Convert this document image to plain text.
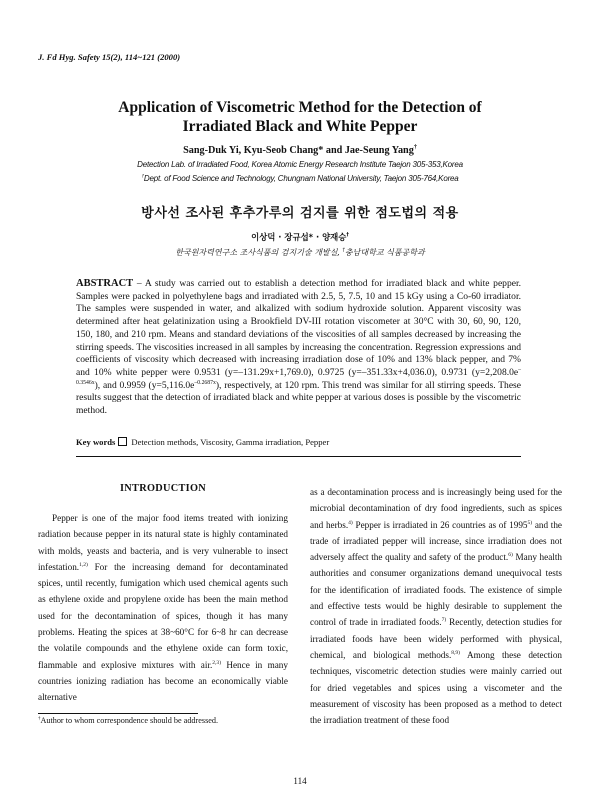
J. Fd Hyg. Safety 15(2), 114~121 (2000)
Application of Viscometric Method for the Detection of
Irradiated Black and White Pepper
Sang-Duk Yi, Kyu-Seob Chang* and Jae-Seung Yang†
Detection Lab. of Irradiated Food, Korea Atomic Energy Research Institute Taejon 305-353,Korea
†Dept. of Food Science and Technology, Chungnam National University, Taejon 305-764,Korea
방사선 조사된 후추가루의 검지를 위한 점도법의 적용
이상덕 · 장규섭* · 양재승†
한국원자력연구소 조사식품의 검지기술 개발실, †충남대학교 식품공학과

ABSTRACT – A study was carried out to establish a detection method for irradiated black and white pepper. Samples were packed in polyethylene bags and irradiated with 2.5, 5, 7.5, 10 and 15 kGy using a Co-60 irradiator. The samples were suspended in water, and alkalized with sodium hydroxide solution. Apparent viscosity was determined after heat gelatinization using a Brookfield DV-III rotation viscometer at 30°C with 30, 60, 90, 120, 150, 180, and 210 rpm. Means and standard deviations of the viscosities of all samples decreased by increasing the stirring speeds. The viscosities increased in all samples by increasing the concentration. Regression expressions and coefficients of viscosity which decreased with increasing irradiation dose of 10% and 13% black pepper, and 7% and 10% white pepper were 0.9531 (y=–131.29x+1,769.0), 0.9725 (y=–351.33x+4,036.0), 0.9731 $(y=2,208.0e^{-0.3546x})$, and 0.9959 $(y=5,116.0e^{-0.2687x})$, respectively, at 120 rpm. This trend was similar for all stirring speeds. These results suggest that the detection of irradiated black and white pepper at various doses is possible by the viscometric method.

Key words Detection methods, Viscosity, Gamma irradiation, Pepper

INTRODUCTION

Pepper is one of the major food items treated with ionizing radiation because pepper in its natural state is highly contaminated with molds, yeasts and bacteria, and is very vulnerable to insect infestation.$^{1,2)}$ For the increasing demand for decontaminated spices, until recently, fumigation which used chemical agents such as ethylene oxide and propylene oxide has been the main method used for the decontamination of spices, though it has many problems. Heating the spices at 38~60°C for 6~8 hr can decrease the volatile compounds and the ethylene oxide can form toxic, flammable and explosive mixtures with air.$^{2,3)}$ Hence in many countries ionizing radiation has become an economically viable alternative

as a decontamination process and is increasingly being used for the microbial decontamination of dry food ingredients, such as spices and herbs.$^{4)}$ Pepper is irradiated in 26 countries as of 1995$^{5)}$ and the trade of irradiated pepper will increase, since irradiation does not adversely affect the quality and safety of the product.$^{6)}$ Many health authorities and consumer organizations demand unequivocal tests for the identification of irradiated foods. The existence of simple and effective tests would be highly desirable to supplement the control of trade in irradiated foods.$^{7)}$ Recently, detection studies for irradiated foods have been widely performed with physical, chemical, and biological methods.$^{8,9)}$ Among these detection techniques, viscometric detection studies were mainly carried out for dried vegetables and spices using a viscometer and the measurement of viscosity has been proposed as a method to detect the irradiation treatment of these food

†Author to whom correspondence should be addressed.
114
